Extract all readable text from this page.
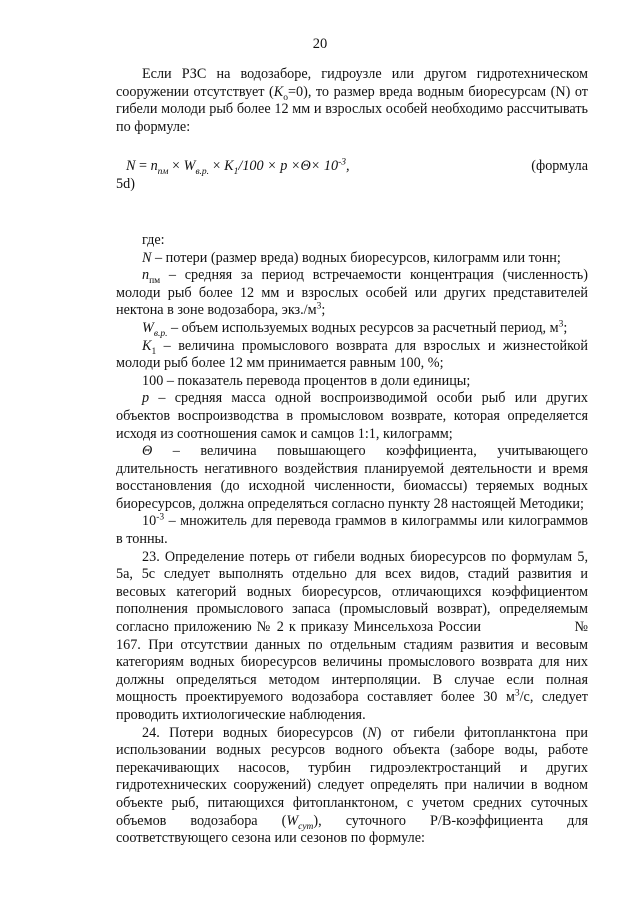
20

Если РЗС на водозаборе, гидроузле или другом гидротехническом сооружении отсутствует $(K_o=0)$, то размер вреда водным биоресурсам (N) от гибели молоди рыб более 12 мм и взрослых особей необходимо рассчитывать по формуле:

$N = n_{пм} \times W_{в.р.} \times K_1/100 \times p \times\Theta\times 10^{-3}$,	(формула

5d)

где:

N – потери (размер вреда) водных биоресурсов, килограмм или тонн;

$n_{пм}$ – средняя за период встречаемости концентрация (численность) молоди рыб более 12 мм и взрослых особей или других представителей нектона в зоне водозабора, $экз./м^3$;

$W_{в.р.}$ – объем используемых водных ресурсов за расчетный период, $м^3$;

$K_1$ – величина промыслового возврата для взрослых и жизнестойкой молоди рыб более 12 мм принимается равным 100, %;

100 – показатель перевода процентов в доли единицы;

p – средняя масса одной воспроизводимой особи рыб или других объектов воспроизводства в промысловом возврате, которая определяется исходя из соотношения самок и самцов 1:1, килограмм;

Θ – величина повышающего коэффициента, учитывающего длительность негативного воздействия планируемой деятельности и время восстановления (до исходной численности, биомассы) теряемых водных биоресурсов, должна определяться согласно пункту 28 настоящей Методики;

$10^{-3}$ – множитель для перевода граммов в килограммы или килограммов в тонны.

23. Определение потерь от гибели водных биоресурсов по формулам 5, 5а, 5с следует выполнять отдельно для всех видов, стадий развития и весовых категорий водных биоресурсов, отличающихся коэффициентом пополнения промыслового запаса (промысловый возврат), определяемым согласно приложению № 2 к приказу Минсельхоза России	№ 167. При отсутствии данных по отдельным стадиям развития и весовым категориям водных биоресурсов величины промыслового возврата для них должны определяться методом интерполяции. В случае если полная мощность проектируемого водозабора составляет более 30 $м^3/с$, следует проводить ихтиологические наблюдения.

24. Потери водных биоресурсов (N) от гибели фитопланктона при использовании водных ресурсов водного объекта (заборе воды, работе перекачивающих насосов, турбин гидроэлектростанций и других гидротехнических сооружений) следует определять при наличии в водном объекте рыб, питающихся фитопланктоном, с учетом средних суточных объемов водозабора $(W_{сут})$, суточного P/B-коэффициента для соответствующего сезона или сезонов по формуле:
